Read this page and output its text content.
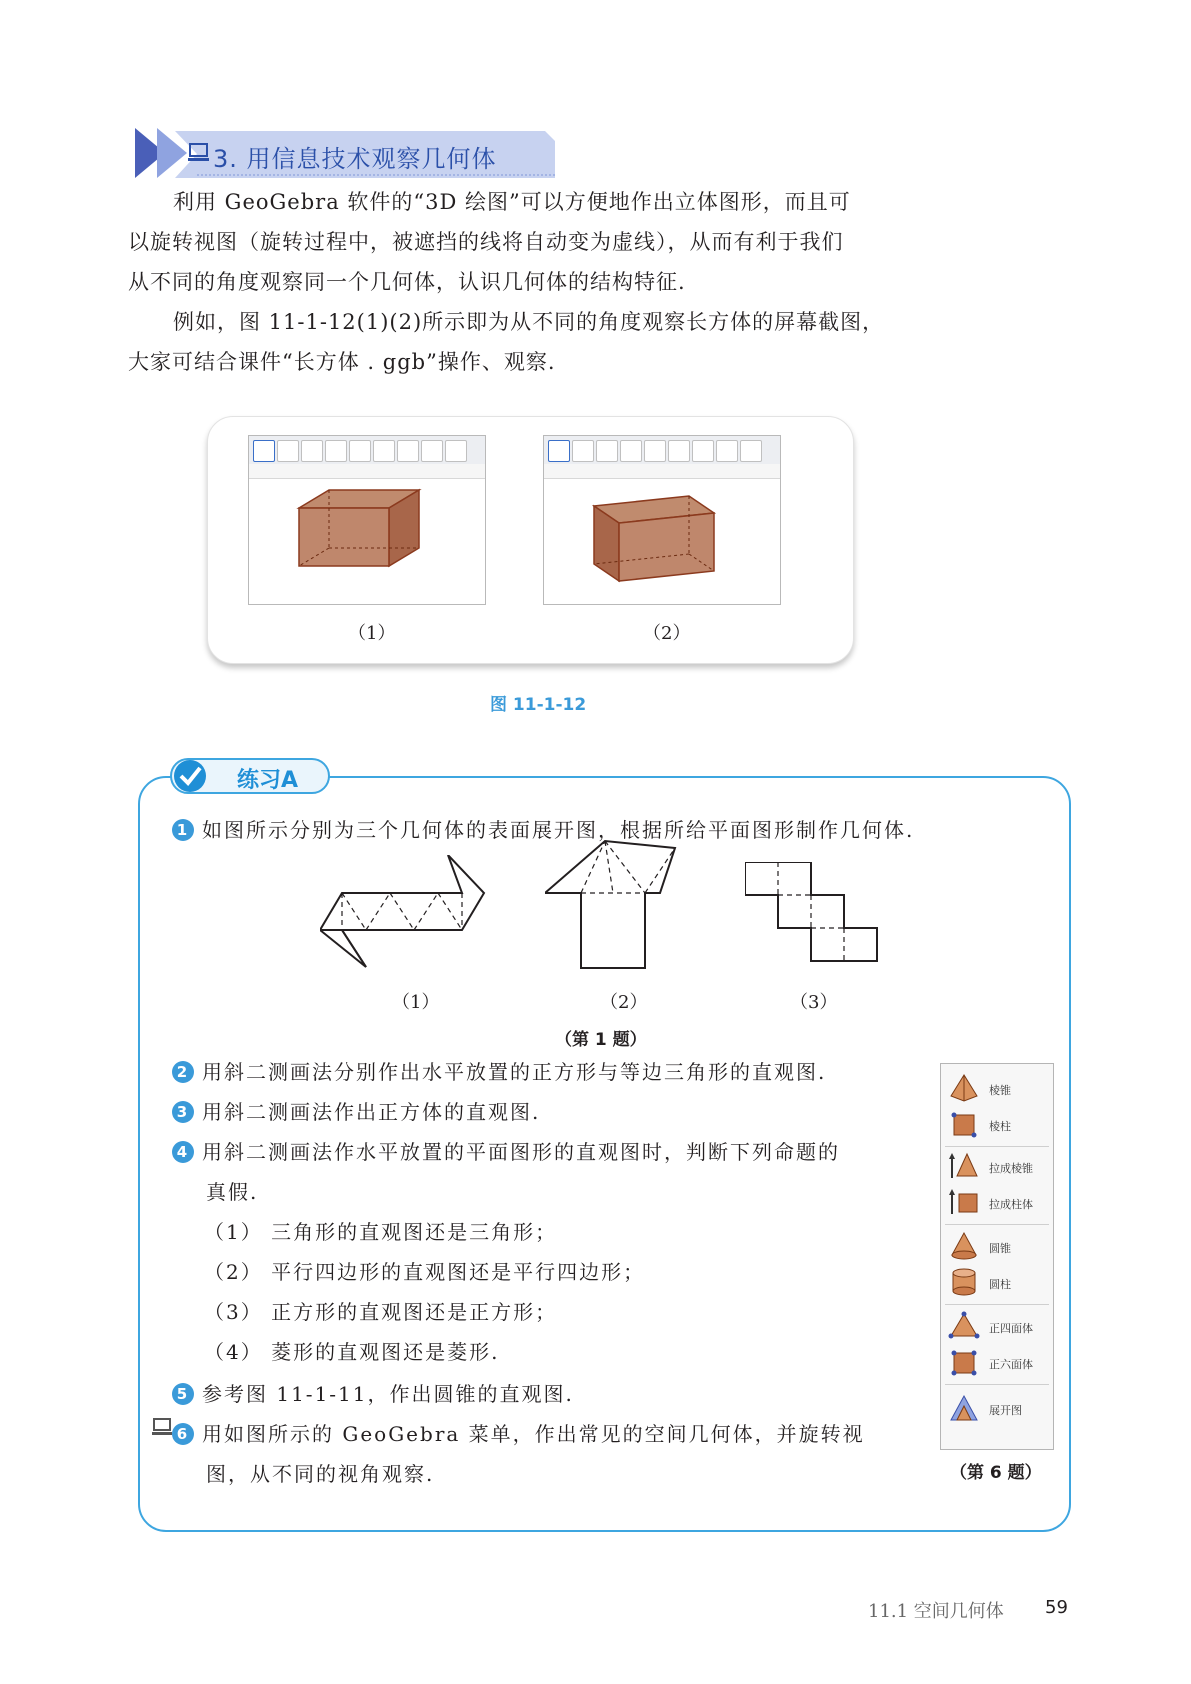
3. 用信息技术观察几何体
利用 GeoGebra 软件的“3D 绘图”可以方便地作出立体图形，而且可
以旋转视图（旋转过程中，被遮挡的线将自动变为虚线），从而有利于我们
从不同的角度观察同一个几何体，认识几何体的结构特征.
例如，图 11-1-12(1)(2)所示即为从不同的角度观察长方体的屏幕截图，
大家可结合课件“长方体 . ggb”操作、观察.
（1）	（2）
图 11-1-12
练习A
1 如图所示分别为三个几何体的表面展开图，根据所给平面图形制作几何体.
（1）	（2）	（3）
（第 1 题）
2 用斜二测画法分别作出水平放置的正方形与等边三角形的直观图.
3 用斜二测画法作出正方体的直观图.
4 用斜二测画法作水平放置的平面图形的直观图时，判断下列命题的
真假.
（1） 三角形的直观图还是三角形；
（2） 平行四边形的直观图还是平行四边形；
（3） 正方形的直观图还是正方形；
（4） 菱形的直观图还是菱形.
5 参考图 11-1-11，作出圆锥的直观图.
6 用如图所示的 GeoGebra 菜单，作出常见的空间几何体，并旋转视
图，从不同的视角观察.
棱锥
棱柱
拉成棱锥
拉成柱体
圆锥
圆柱
正四面体
正六面体
展开图
（第 6 题）
11.1 空间几何体 59
